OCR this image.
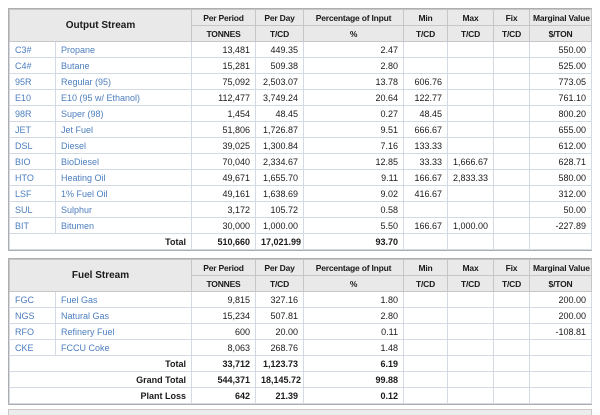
Output Stream		Per Period	Per Day	Percentage of Input	Min	Max	Fix	Marginal Value
		TONNES	T/CD	%	T/CD	T/CD	T/CD	$/TON
C3#	Propane	13,481	449.35	2.47				550.00
C4#	Butane	15,281	509.38	2.80				525.00
95R	Regular (95)	75,092	2,503.07	13.78	606.76			773.05
E10	E10 (95 w/ Ethanol)	112,477	3,749.24	20.64	122.77			761.10
98R	Super (98)	1,454	48.45	0.27	48.45			800.20
JET	Jet Fuel	51,806	1,726.87	9.51	666.67			655.00
DSL	Diesel	39,025	1,300.84	7.16	133.33			612.00
BIO	BioDiesel	70,040	2,334.67	12.85	33.33	1,666.67		628.71
HTO	Heating Oil	49,671	1,655.70	9.11	166.67	2,833.33		580.00
LSF	1% Fuel Oil	49,161	1,638.69	9.02	416.67			312.00
SUL	Sulphur	3,172	105.72	0.58				50.00
BIT	Bitumen	30,000	1,000.00	5.50	166.67	1,000.00		-227.89
Total		510,660	17,021.99	93.70				
Fuel Stream		Per Period	Per Day	Percentage of Input	Min	Max	Fix	Marginal Value
		TONNES	T/CD	%	T/CD	T/CD	T/CD	$/TON
FGC	Fuel Gas	9,815	327.16	1.80				200.00
NGS	Natural Gas	15,234	507.81	2.80				200.00
RFO	Refinery Fuel	600	20.00	0.11				-108.81
CKE	FCCU Coke	8,063	268.76	1.48				
Total		33,712	1,123.73	6.19				
Grand Total		544,371	18,145.72	99.88				
Plant Loss		642	21.39	0.12				
